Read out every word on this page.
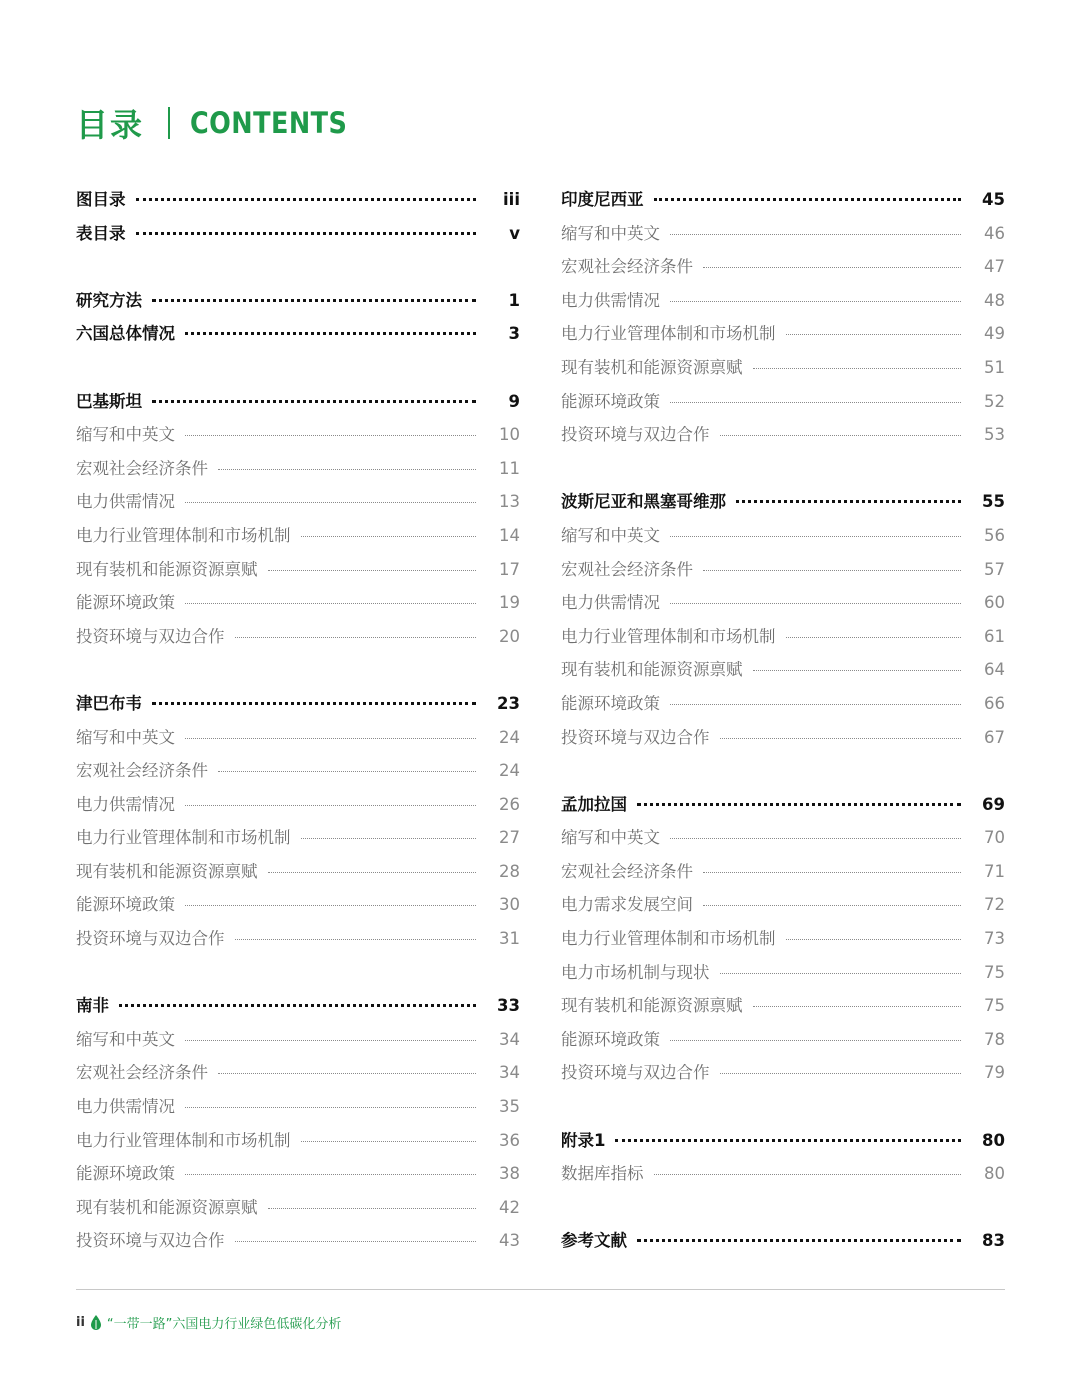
目录 CONTENTS
图目录	iii
表目录	v
研究方法	1
六国总体情况	3
巴基斯坦	9
缩写和中英文	10
宏观社会经济条件	11
电力供需情况	13
电力行业管理体制和市场机制	14
现有装机和能源资源禀赋	17
能源环境政策	19
投资环境与双边合作	20
津巴布韦	23
缩写和中英文	24
宏观社会经济条件	24
电力供需情况	26
电力行业管理体制和市场机制	27
现有装机和能源资源禀赋	28
能源环境政策	30
投资环境与双边合作	31
南非	33
缩写和中英文	34
宏观社会经济条件	34
电力供需情况	35
电力行业管理体制和市场机制	36
能源环境政策	38
现有装机和能源资源禀赋	42
投资环境与双边合作	43
印度尼西亚	45
缩写和中英文	46
宏观社会经济条件	47
电力供需情况	48
电力行业管理体制和市场机制	49
现有装机和能源资源禀赋	51
能源环境政策	52
投资环境与双边合作	53
波斯尼亚和黑塞哥维那	55
缩写和中英文	56
宏观社会经济条件	57
电力供需情况	60
电力行业管理体制和市场机制	61
现有装机和能源资源禀赋	64
能源环境政策	66
投资环境与双边合作	67
孟加拉国	69
缩写和中英文	70
宏观社会经济条件	71
电力需求发展空间	72
电力行业管理体制和市场机制	73
电力市场机制与现状	75
现有装机和能源资源禀赋	75
能源环境政策	78
投资环境与双边合作	79
附录1	80
数据库指标	80
参考文献	83
ii “一带一路”六国电力行业绿色低碳化分析
